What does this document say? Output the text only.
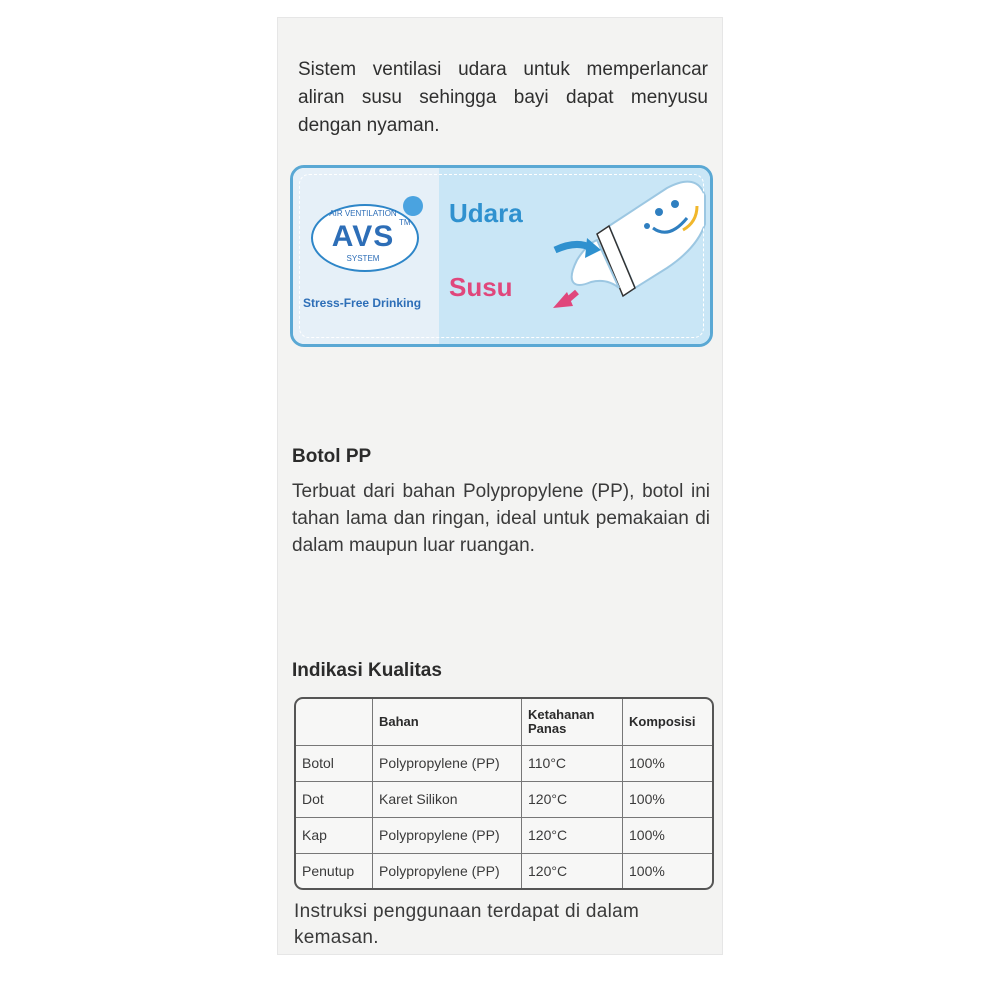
Sistem ventilasi udara untuk memperlancar aliran susu sehingga bayi dapat menyusu dengan nyaman.
AIR VENTILATION
AVS TM
SYSTEM
Stress-Free Drinking
Udara
Susu
Botol PP
Terbuat dari bahan Polypropylene (PP), botol ini tahan lama dan ringan, ideal untuk pemakaian di dalam maupun luar ruangan.
Indikasi Kualitas
	Bahan	Ketahanan Panas	Komposisi
Botol	Polypropylene (PP)	110°C	100%
Dot	Karet Silikon	120°C	100%
Kap	Polypropylene (PP)	120°C	100%
Penutup	Polypropylene (PP)	120°C	100%
Instruksi penggunaan terdapat di dalam kemasan.
